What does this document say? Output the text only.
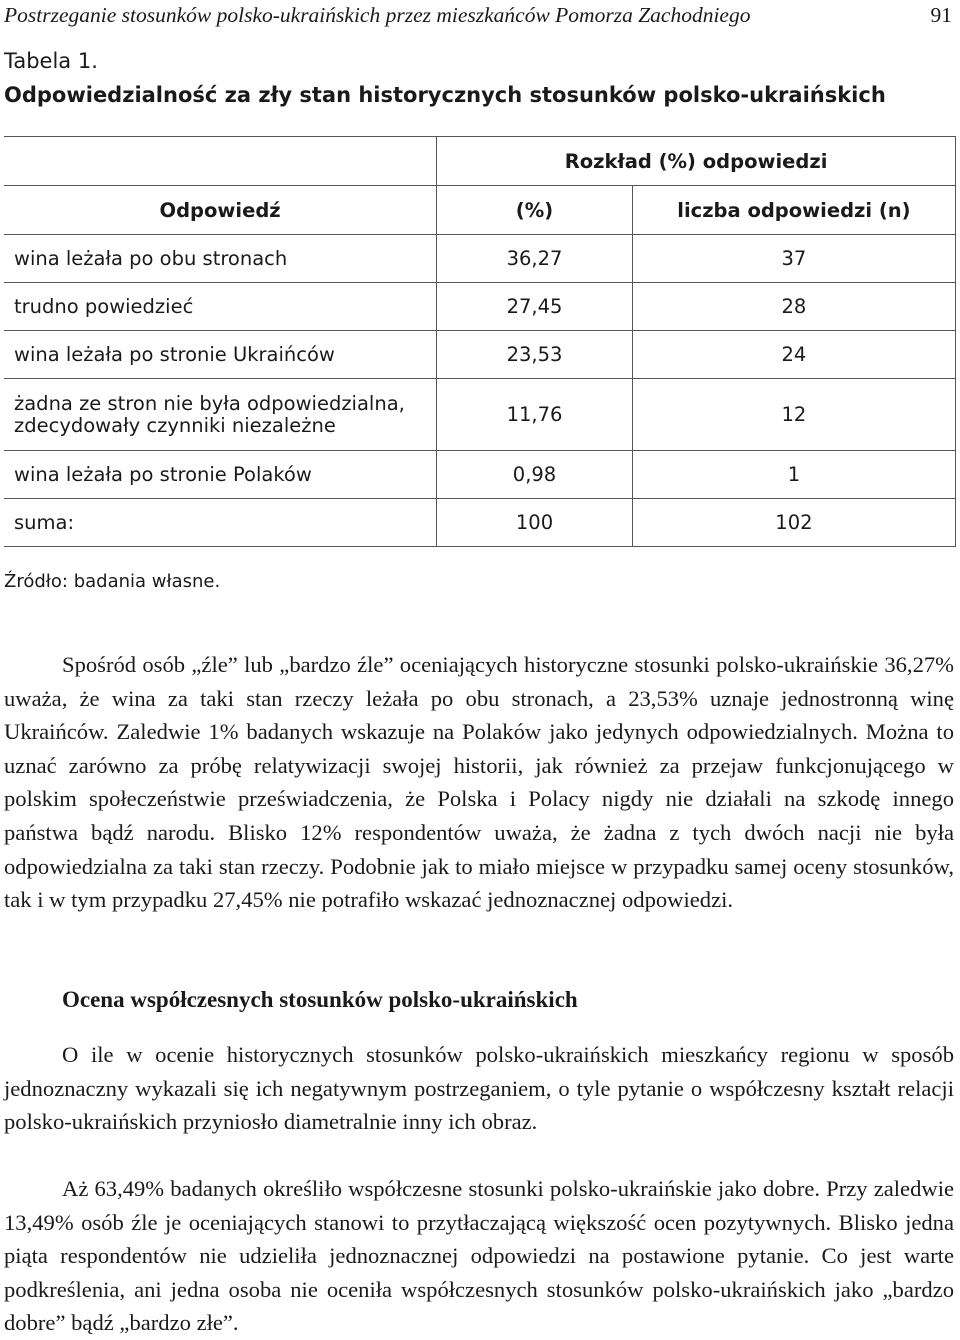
Postrzeganie stosunków polsko-ukraińskich przez mieszkańców Pomorza Zachodniego	91
Tabela 1.
Odpowiedzialność za zły stan historycznych stosunków polsko-ukraińskich
	Rozkład (%) odpowiedzi	
Odpowiedź	(%)	liczba odpowiedzi (n)
wina leżała po obu stronach	36,27	37
trudno powiedzieć	27,45	28
wina leżała po stronie Ukraińców	23,53	24
żadna ze stron nie była odpowiedzialna,
zdecydowały czynniki niezależne	11,76	12
wina leżała po stronie Polaków	0,98	1
suma:	100	102
Źródło: badania własne.

Spośród osób „źle” lub „bardzo źle” oceniających historyczne stosunki polsko-ukraińskie 36,27% uważa, że wina za taki stan rzeczy leżała po obu stronach, a 23,53% uznaje jednostronną winę Ukraińców. Zaledwie 1% badanych wskazuje na Polaków jako jedynych odpowiedzialnych. Można to uznać zarówno za próbę relatywizacji swojej historii, jak również za przejaw funkcjonującego w polskim społeczeństwie przeświadczenia, że Polska i Polacy nigdy nie działali na szkodę innego państwa bądź narodu. Blisko 12% respondentów uważa, że żadna z tych dwóch nacji nie była odpowiedzialna za taki stan rzeczy. Podobnie jak to miało miejsce w przypadku samej oceny stosunków, tak i w tym przypadku 27,45% nie potrafiło wskazać jednoznacznej odpowiedzi.

Ocena współczesnych stosunków polsko-ukraińskich

O ile w ocenie historycznych stosunków polsko-ukraińskich mieszkańcy regionu w sposób jednoznaczny wykazali się ich negatywnym postrzeganiem, o tyle pytanie o współczesny kształt relacji polsko-ukraińskich przyniosło diametralnie inny ich obraz.

Aż 63,49% badanych określiło współczesne stosunki polsko-ukraińskie jako dobre. Przy zaledwie 13,49% osób źle je oceniających stanowi to przytłaczającą większość ocen pozytywnych. Blisko jedna piąta respondentów nie udzieliła jednoznacznej odpowiedzi na postawione pytanie. Co jest warte podkreślenia, ani jedna osoba nie oceniła współczesnych stosunków polsko-ukraińskich jako „bardzo dobre” bądź „bardzo złe”.
